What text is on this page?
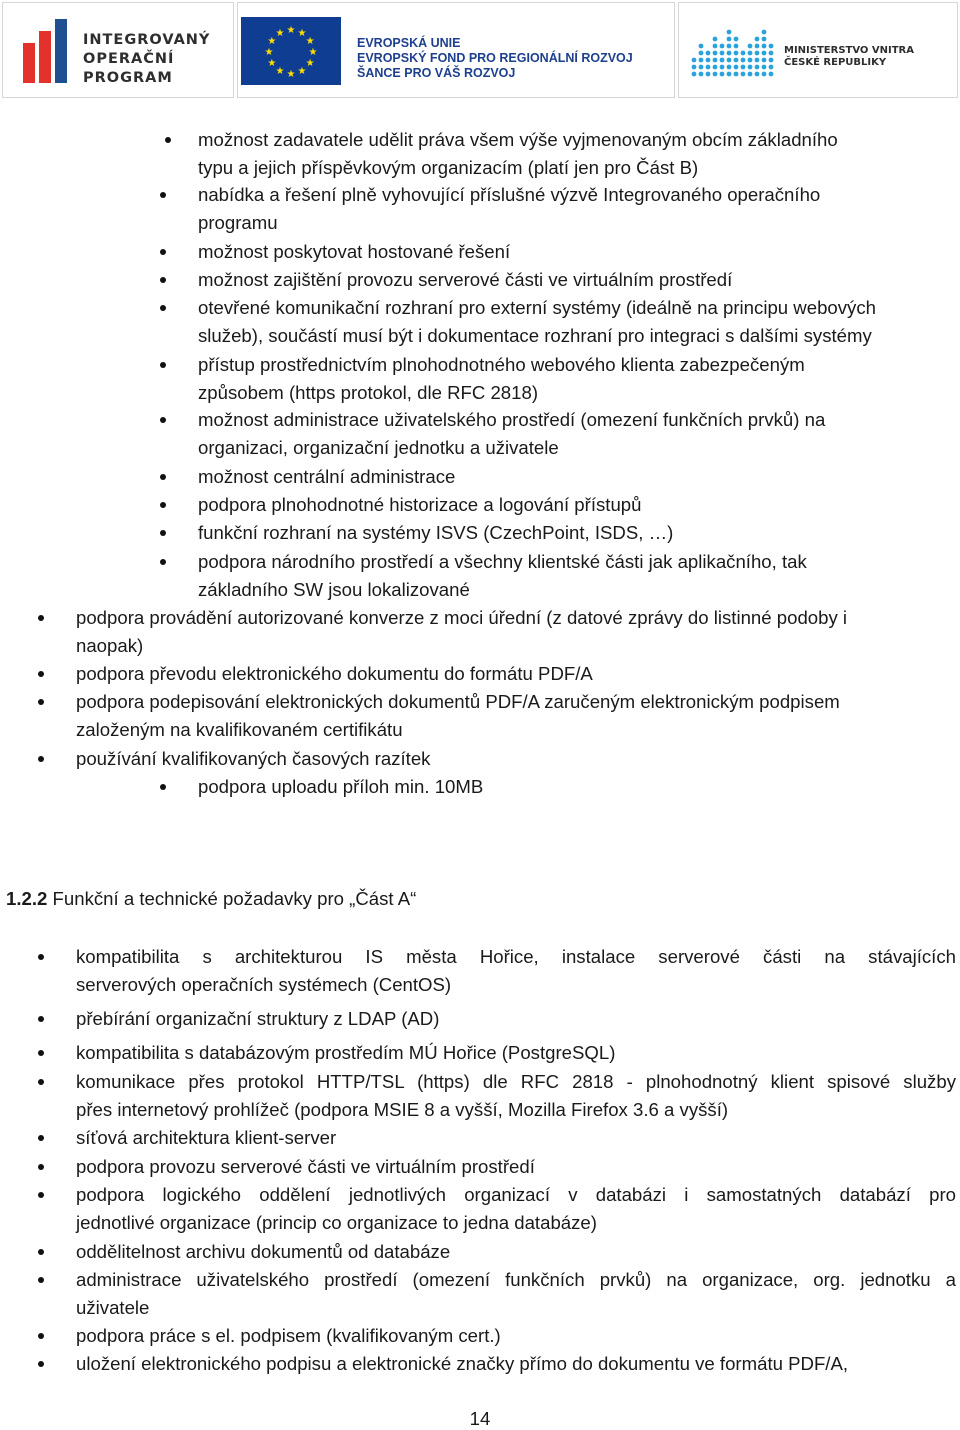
INTEGROVANÝ
OPERAČNÍ
PROGRAM
★ ★
★
★
★
★
★
★
★
★
★
★
EVROPSKÁ UNIE
EVROPSKÝ FOND PRO REGIONÁLNÍ ROZVOJ
ŠANCE PRO VÁŠ ROZVOJ
MINISTERSTVO VNITRA
ČESKÉ REPUBLIKY
1.2.2 Funkční a technické požadavky pro „Část A“
14
možnost zadavatele udělit práva všem výše vyjmenovaným obcím základního
typu a jejich příspěvkovým organizacím (platí jen pro Část B)
nabídka a řešení plně vyhovující příslušné výzvě Integrovaného operačního
programu
možnost poskytovat hostované řešení
možnost zajištění provozu serverové části ve virtuálním prostředí
otevřené komunikační rozhraní pro externí systémy (ideálně na principu webových
služeb), součástí musí být i dokumentace rozhraní pro integraci s dalšími systémy
přístup prostřednictvím plnohodnotného webového klienta zabezpečeným
způsobem (https protokol, dle RFC 2818)
možnost administrace uživatelského prostředí (omezení funkčních prvků) na
organizaci, organizační jednotku a uživatele
možnost centrální administrace
podpora plnohodnotné historizace a logování přístupů
funkční rozhraní na systémy ISVS (CzechPoint, ISDS, …)
podpora národního prostředí a všechny klientské části jak aplikačního, tak
základního SW jsou lokalizované
podpora provádění autorizované konverze z moci úřední (z datové zprávy do listinné podoby i
naopak)
podpora převodu elektronického dokumentu do formátu PDF/A
podpora podepisování elektronických dokumentů PDF/A zaručeným elektronickým podpisem
založeným na kvalifikovaném certifikátu
používání kvalifikovaných časových razítek
podpora uploadu příloh min. 10MB
kompatibilita s architekturou IS města Hořice, instalace serverové části na stávajících
serverových operačních systémech (CentOS)
přebírání organizační struktury z LDAP (AD)
kompatibilita s databázovým prostředím MÚ Hořice (PostgreSQL)
komunikace přes protokol HTTP/TSL (https) dle RFC 2818 - plnohodnotný klient spisové služby
přes internetový prohlížeč (podpora MSIE 8 a vyšší, Mozilla Firefox 3.6 a vyšší)
síťová architektura klient-server
podpora provozu serverové části ve virtuálním prostředí
podpora logického oddělení jednotlivých organizací v databázi i samostatných databází pro
jednotlivé organizace (princip co organizace to jedna databáze)
oddělitelnost archivu dokumentů od databáze
administrace uživatelského prostředí (omezení funkčních prvků) na organizace, org. jednotku a
uživatele
podpora práce s el. podpisem (kvalifikovaným cert.)
uložení elektronického podpisu a elektronické značky přímo do dokumentu ve formátu PDF/A,
